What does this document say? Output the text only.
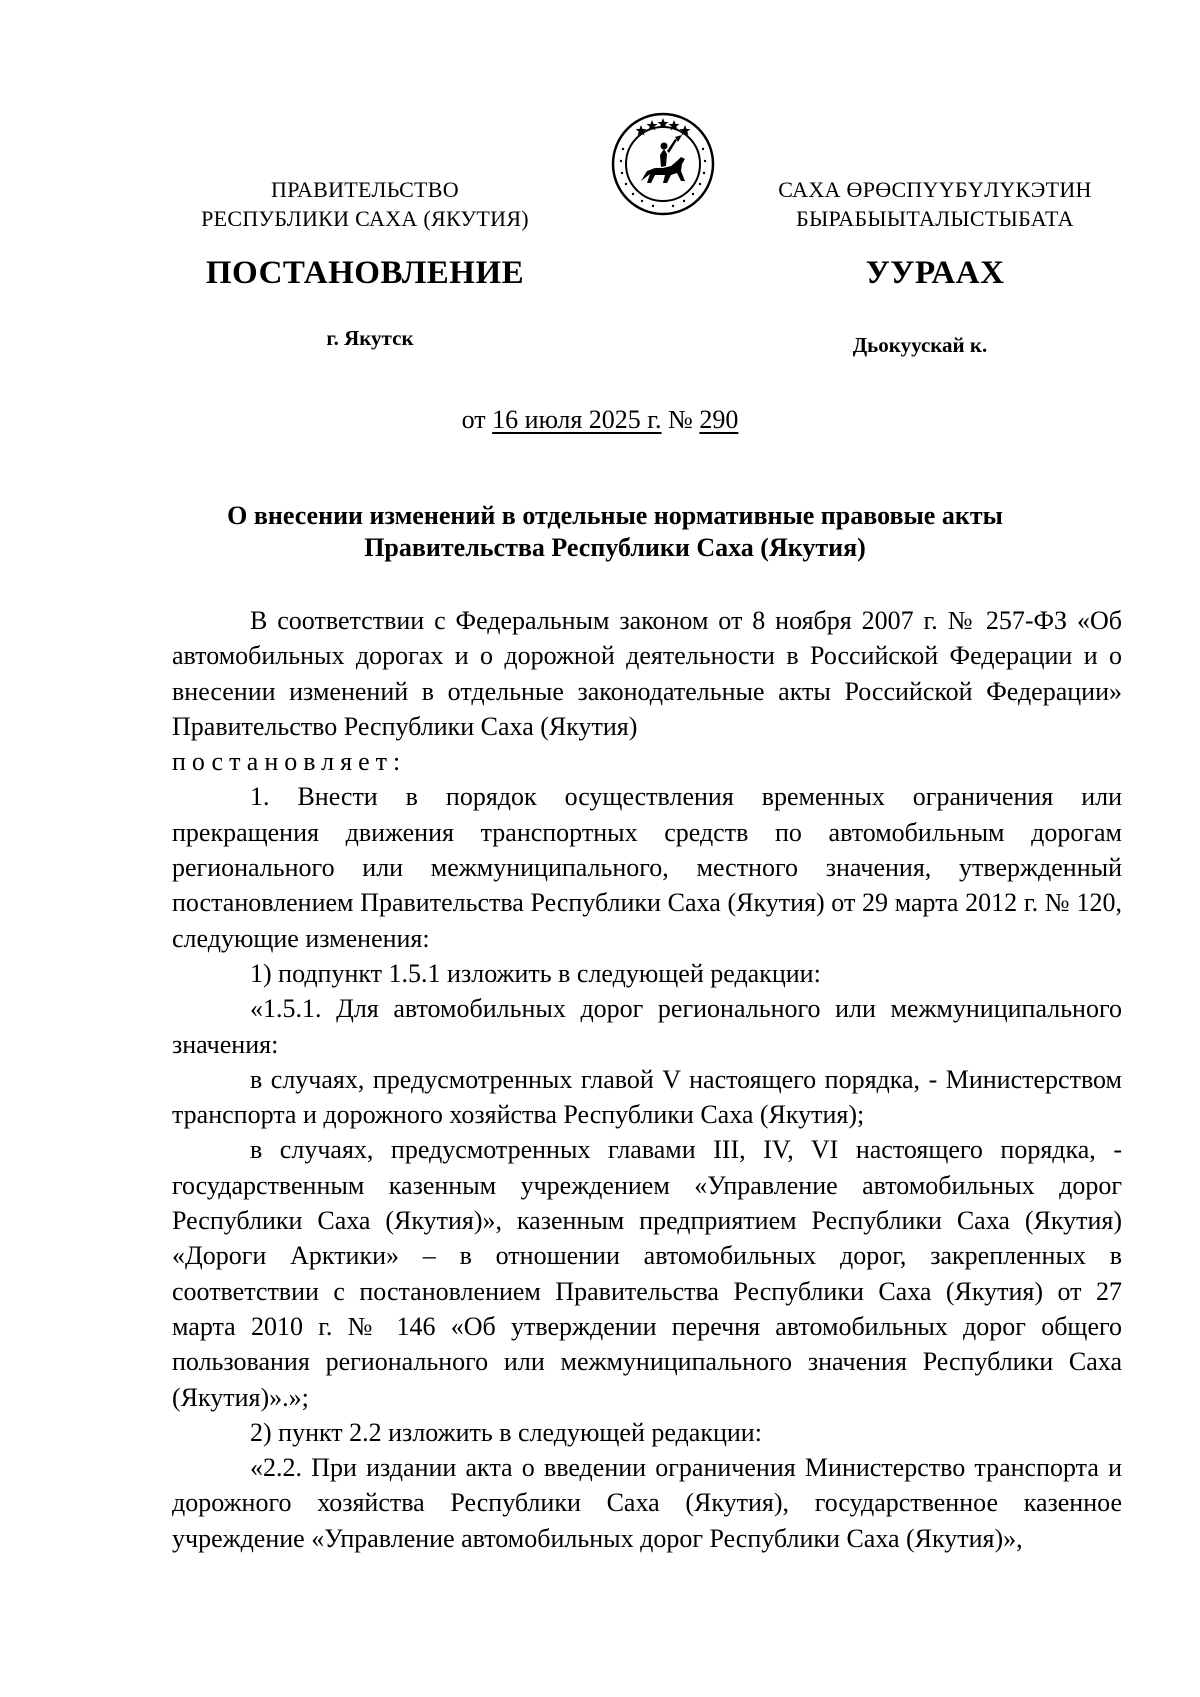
ПРАВИТЕЛЬСТВО
РЕСПУБЛИКИ САХА (ЯКУТИЯ)
САХА ӨРӨСПҮҮБҮЛҮКЭТИН
БЫРАБЫЫТАЛЫСТЫБАТА
ПОСТАНОВЛЕНИЕ	УУРААХ
г. Якутск	Дьокуускай к.
от 16 июля 2025 г. № 290
О внесении изменений в отдельные нормативные правовые акты
Правительства Республики Саха (Якутия)

В соответствии с Федеральным законом от 8 ноября 2007 г. № 257-ФЗ «Об автомобильных дорогах и о дорожной деятельности в Российской Федерации и о внесении изменений в отдельные законодательные акты Российской Федерации» Правительство Республики Саха (Якутия)

постановляет:

1. Внести в порядок осуществления временных ограничения или прекращения движения транспортных средств по автомобильным дорогам регионального или межмуниципального, местного значения, утвержденный постановлением Правительства Республики Саха (Якутия) от 29 марта 2012 г. № 120, следующие изменения:

1) подпункт 1.5.1 изложить в следующей редакции:

«1.5.1. Для автомобильных дорог регионального или межмуниципального значения:

в случаях, предусмотренных главой V настоящего порядка, - Министерством транспорта и дорожного хозяйства Республики Саха (Якутия);

в случаях, предусмотренных главами III, IV, VI настоящего порядка, - государственным казенным учреждением «Управление автомобильных дорог Республики Саха (Якутия)», казенным предприятием Республики Саха (Якутия) «Дороги Арктики» – в отношении автомобильных дорог, закрепленных в соответствии с постановлением Правительства Республики Саха (Якутия) от 27 марта 2010 г. № 146 «Об утверждении перечня автомобильных дорог общего пользования регионального или межмуниципального значения Республики Саха (Якутия)».»;

2) пункт 2.2 изложить в следующей редакции:

«2.2. При издании акта о введении ограничения Министерство транспорта и дорожного хозяйства Республики Саха (Якутия), государственное казенное учреждение «Управление автомобильных дорог Республики Саха (Якутия)»,
